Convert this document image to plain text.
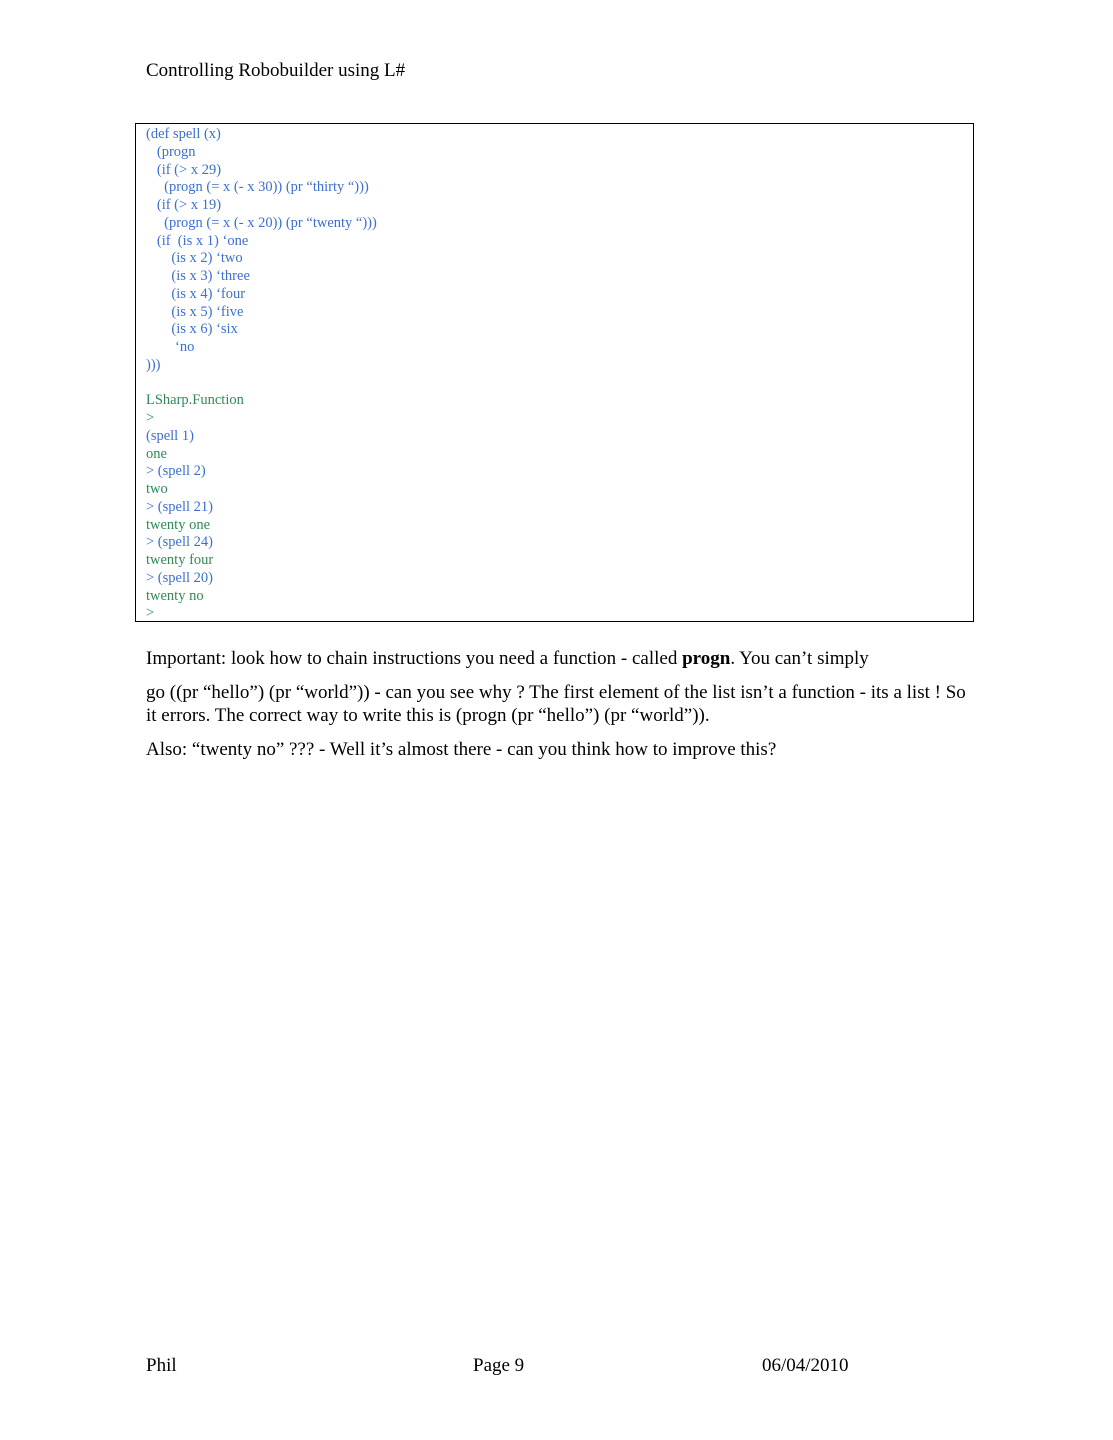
Controlling Robobuilder using L#
(def spell (x)
(progn
(if (> x 29)
(progn (= x (- x 30)) (pr “thirty “)))
(if (> x 19)
(progn (= x (- x 20)) (pr “twenty “)))
(if  (is x 1) ‘one
(is x 2) ‘two
(is x 3) ‘three
(is x 4) ‘four
(is x 5) ‘five
(is x 6) ‘six
‘no
)))
LSharp.Function
>
(spell 1)
one
> (spell 2)
two
> (spell 21)
twenty one
> (spell 24)
twenty four
> (spell 20)
twenty no
>
Important: look how to chain instructions you need a function - called progn. You can’t simply
go ((pr “hello”) (pr “world”)) - can you see why ? The first element of the list isn’t a function - its a list ! So it errors. The correct way to write this is (progn (pr “hello”) (pr “world”)).
Also: “twenty no” ??? - Well it’s almost there - can you think how to improve this?
Phil	Page 9	06/04/2010
